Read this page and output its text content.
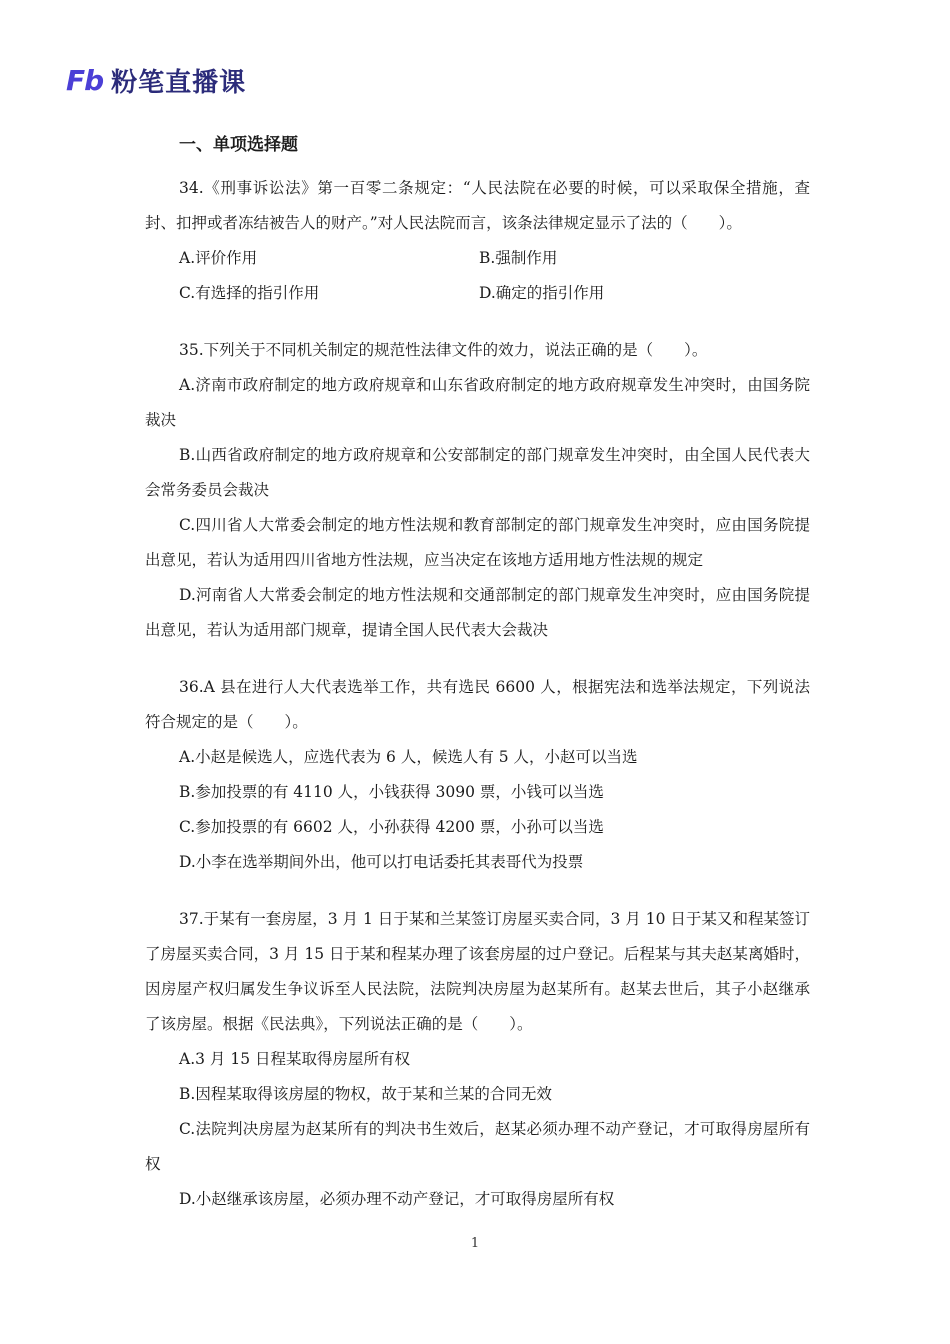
Fb 粉笔直播课
一、单项选择题

34.《刑事诉讼法》第一百零二条规定：“人民法院在必要的时候，可以采取保全措施，查封、扣押或者冻结被告人的财产。”对人民法院而言，该条法律规定显示了法的（　　）。

A.评价作用	B.强制作用

C.有选择的指引作用	D.确定的指引作用

35.下列关于不同机关制定的规范性法律文件的效力，说法正确的是（　　）。

A.济南市政府制定的地方政府规章和山东省政府制定的地方政府规章发生冲突时，由国务院裁决

B.山西省政府制定的地方政府规章和公安部制定的部门规章发生冲突时，由全国人民代表大会常务委员会裁决

C.四川省人大常委会制定的地方性法规和教育部制定的部门规章发生冲突时，应由国务院提出意见，若认为适用四川省地方性法规，应当决定在该地方适用地方性法规的规定

D.河南省人大常委会制定的地方性法规和交通部制定的部门规章发生冲突时，应由国务院提出意见，若认为适用部门规章，提请全国人民代表大会裁决

36.A 县在进行人大代表选举工作，共有选民 6600 人，根据宪法和选举法规定，下列说法符合规定的是（　　）。

A.小赵是候选人，应选代表为 6 人，候选人有 5 人，小赵可以当选

B.参加投票的有 4110 人，小钱获得 3090 票，小钱可以当选

C.参加投票的有 6602 人，小孙获得 4200 票，小孙可以当选

D.小李在选举期间外出，他可以打电话委托其表哥代为投票

37.于某有一套房屋，3 月 1 日于某和兰某签订房屋买卖合同，3 月 10 日于某又和程某签订了房屋买卖合同，3 月 15 日于某和程某办理了该套房屋的过户登记。后程某与其夫赵某离婚时，因房屋产权归属发生争议诉至人民法院，法院判决房屋为赵某所有。赵某去世后，其子小赵继承了该房屋。根据《民法典》，下列说法正确的是（　　）。

A.3 月 15 日程某取得房屋所有权

B.因程某取得该房屋的物权，故于某和兰某的合同无效

C.法院判决房屋为赵某所有的判决书生效后，赵某必须办理不动产登记，才可取得房屋所有权

D.小赵继承该房屋，必须办理不动产登记，才可取得房屋所有权

1
